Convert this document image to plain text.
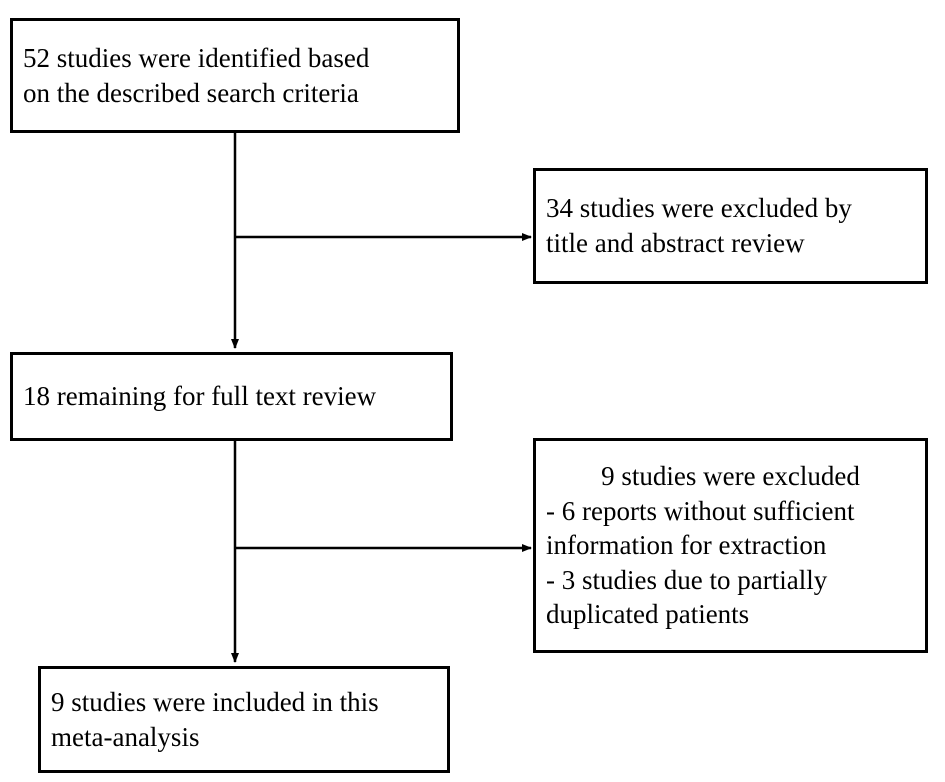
52 studies were identified based
on the described search criteria
34 studies were excluded by
title and abstract review
18 remaining for full text review
9 studies were excluded
- 6 reports without sufficient
information for extraction
- 3 studies due to partially
duplicated patients
9 studies were included in this
meta-analysis
